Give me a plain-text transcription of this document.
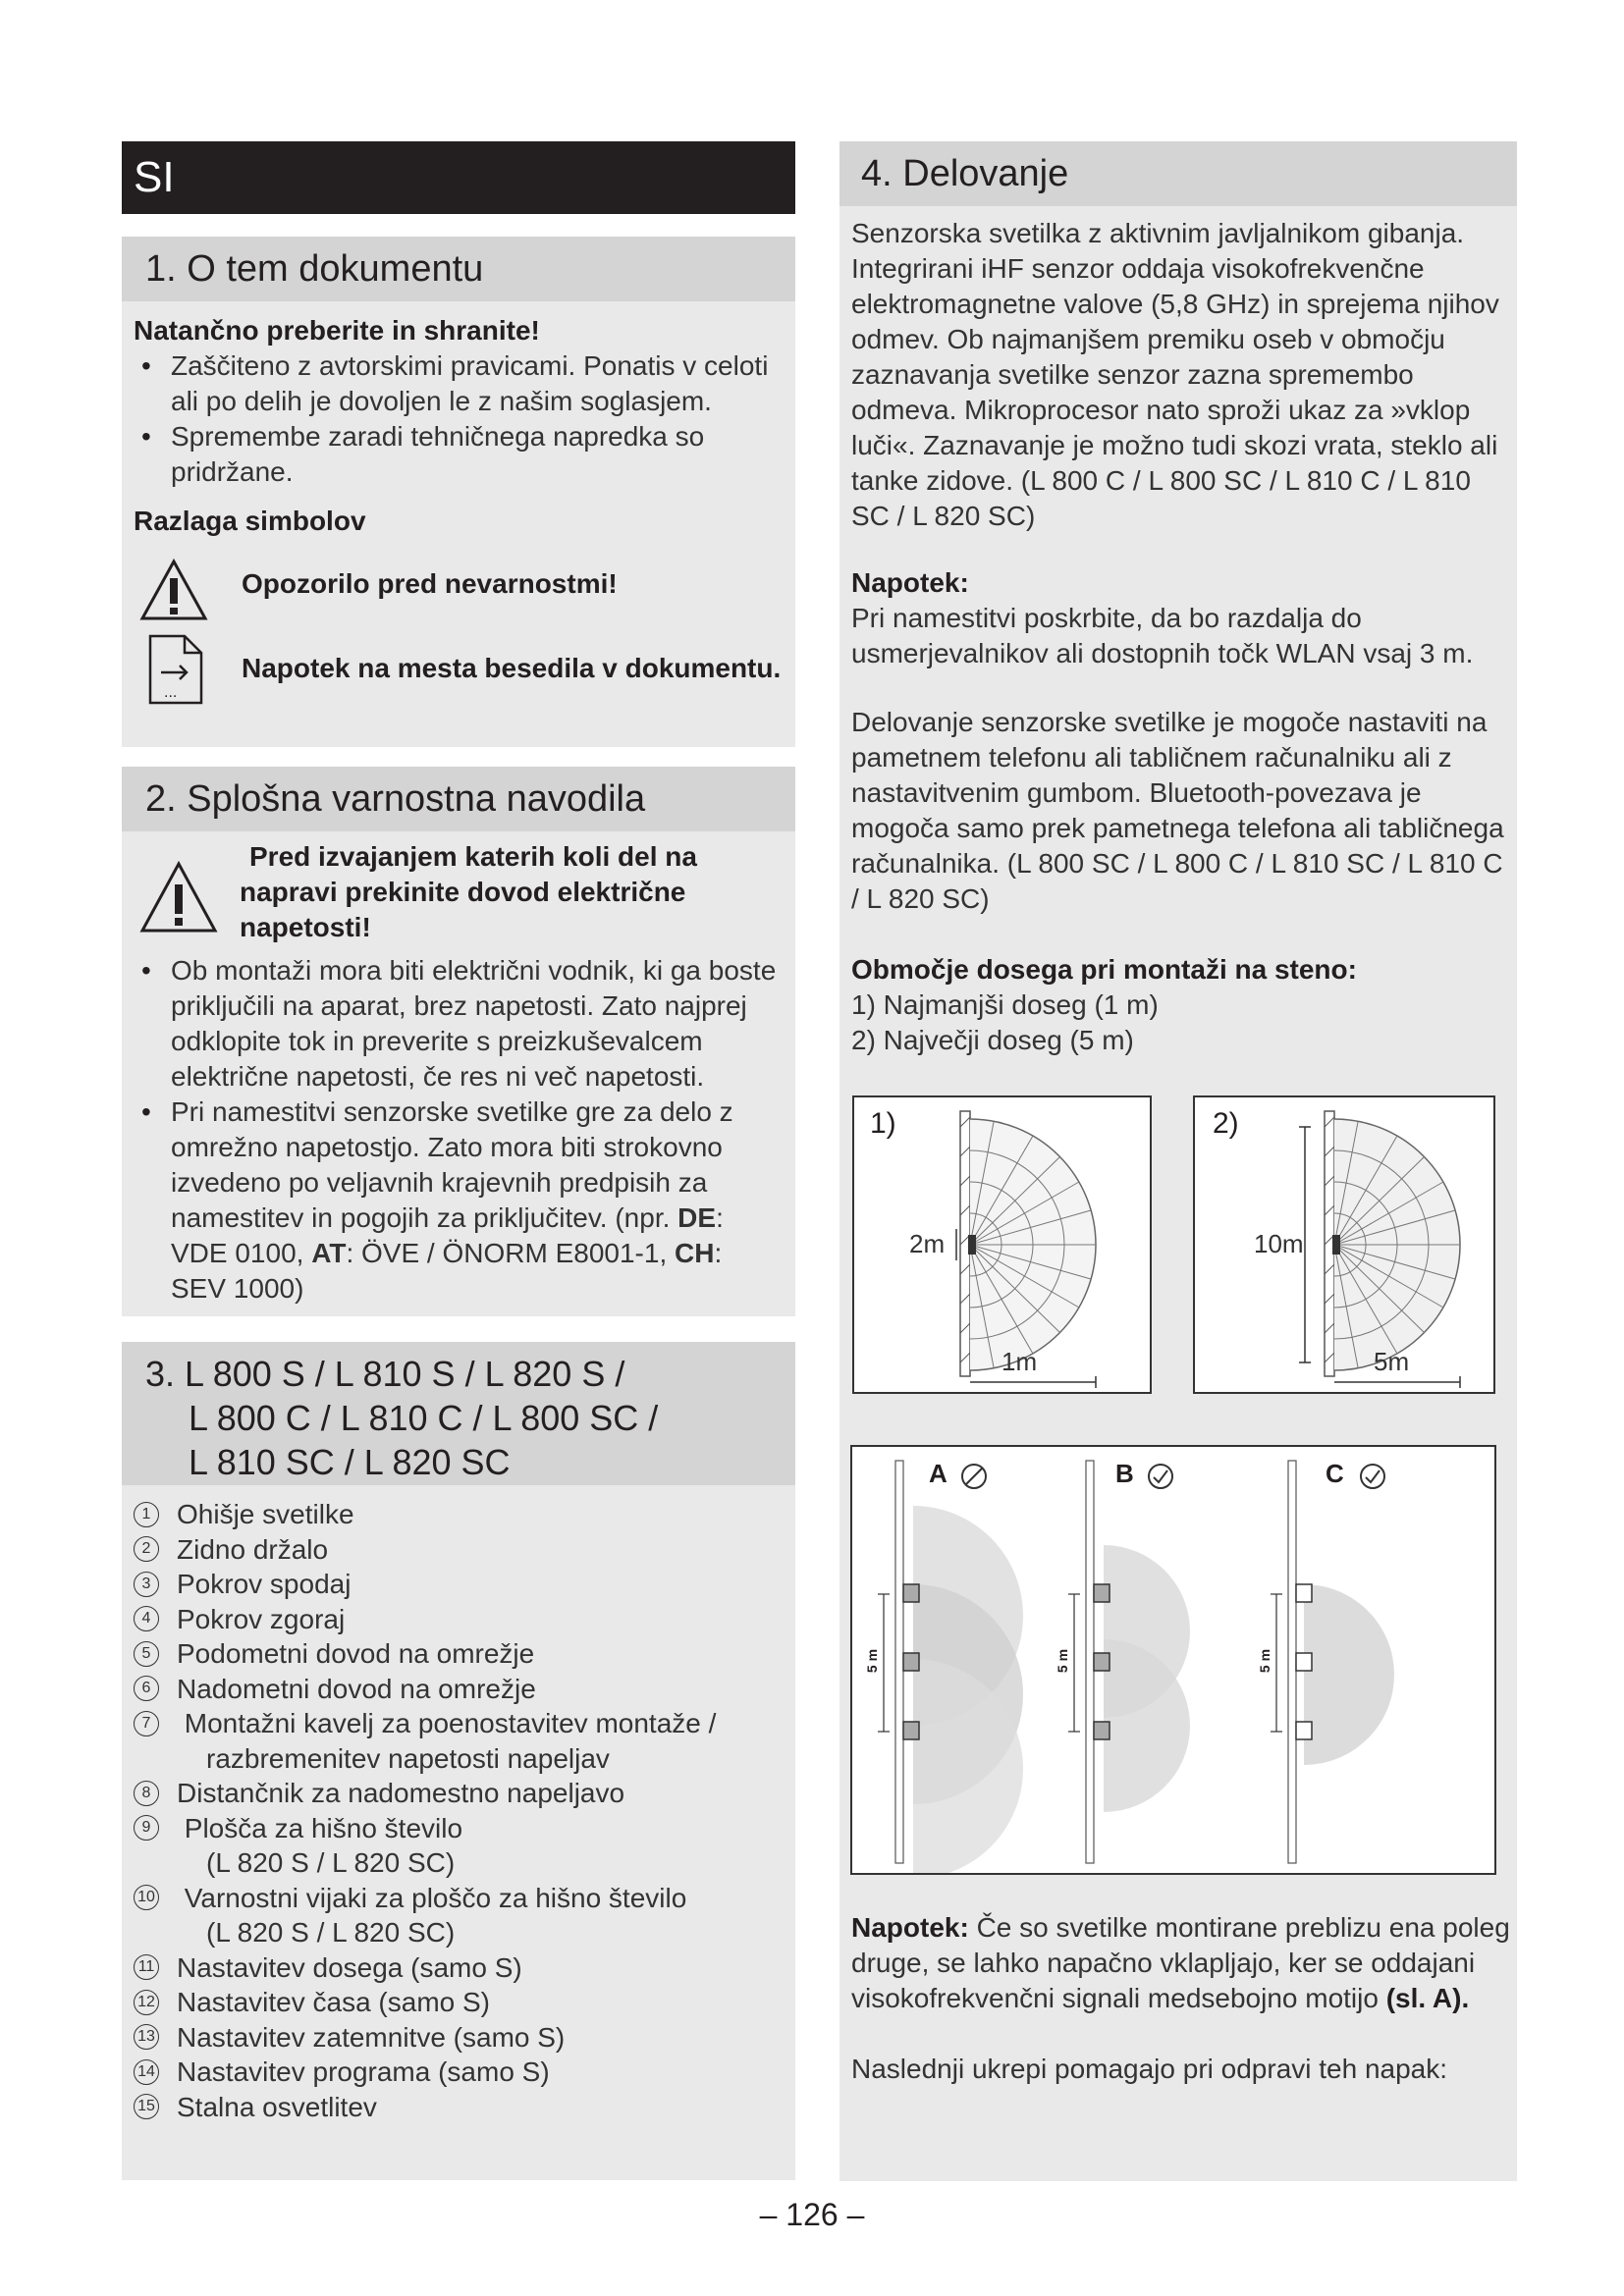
SI
1. O tem dokumentu
Natančno preberite in shranite!
• Zaščiteno z avtorskimi pravicami. Ponatis v celoti ali po delih je dovoljen le z našim soglasjem.
• Spremembe zaradi tehničnega napredka so pridržane.
Razlaga simbolov
Opozorilo pred nevarnostmi!
...
Napotek na mesta besedila v dokumentu.
2. Splošna varnostna navodila
Pred izvajanjem katerih koli del na napravi prekinite dovod električne napetosti!
• Ob montaži mora biti električni vodnik, ki ga boste priključili na aparat, brez napetosti. Zato najprej odklopite tok in preverite s preizkuševalcem električne napetosti, če res ni več napetosti.
• Pri namestitvi senzorske svetilke gre za delo z omrežno napetostjo. Zato mora biti strokovno izvedeno po veljavnih krajevnih predpisih za namestitev in pogojih za priključitev. (npr. DE: VDE 0100, AT: ÖVE / ÖNORM E8001-1, CH: SEV 1000)
3. L 800 S / L 810 S / L 820 S /
L 800 C / L 810 C / L 800 SC /
L 810 SC / L 820 SC
1 Ohišje svetilke
2 Zidno držalo
3 Pokrov spodaj
4 Pokrov zgoraj
5 Podometni dovod na omrežje
6 Nadometni dovod na omrežje
7 Montažni kavelj za poenostavitev montaže /
razbremenitev napetosti napeljav
8 Distančnik za nadomestno napeljavo
9 Plošča za hišno število
(L 820 S / L 820 SC)
10 Varnostni vijaki za ploščo za hišno število
(L 820 S / L 820 SC)
11 Nastavitev dosega (samo S)
12 Nastavitev časa (samo S)
13 Nastavitev zatemnitve (samo S)
14 Nastavitev programa (samo S)
15 Stalna osvetlitev
4. Delovanje
Senzorska svetilka z aktivnim javljalnikom gibanja. Integrirani iHF senzor oddaja visokofrekvenčne elektromagnetne valove (5,8 GHz) in sprejema njihov odmev. Ob najmanjšem premiku oseb v območju zaznavanja svetilke senzor zazna spremembo odmeva. Mikroprocesor nato sproži ukaz za »vklop luči«. Zaznavanje je možno tudi skozi vrata, steklo ali tanke zidove. (L 800 C / L 800 SC / L 810 C / L 810 SC / L 820 SC)
Napotek:
Pri namestitvi poskrbite, da bo razdalja do usmerjevalnikov ali dostopnih točk WLAN vsaj 3 m.
Delovanje senzorske svetilke je mogoče nastaviti na pametnem telefonu ali tabličnem računalniku ali z nastavitvenim gumbom. Bluetooth-povezava je mogoča samo prek pametnega telefona ali tabličnega računalnika. (L 800 SC / L 800 C / L 810 SC / L 810 C / L 820 SC)
Območje dosega pri montaži na steno:
1) Najmanjši doseg (1 m)
2) Največji doseg (5 m)
1)
2m
1m
2)
10m
5m
A	B	C
5 m	5 m	5 m
Napotek: Če so svetilke montirane preblizu ena poleg druge, se lahko napačno vklapljajo, ker se oddajani visokofrekvenčni signali medsebojno motijo (sl. A).
Naslednji ukrepi pomagajo pri odpravi teh napak:
– 126 –
